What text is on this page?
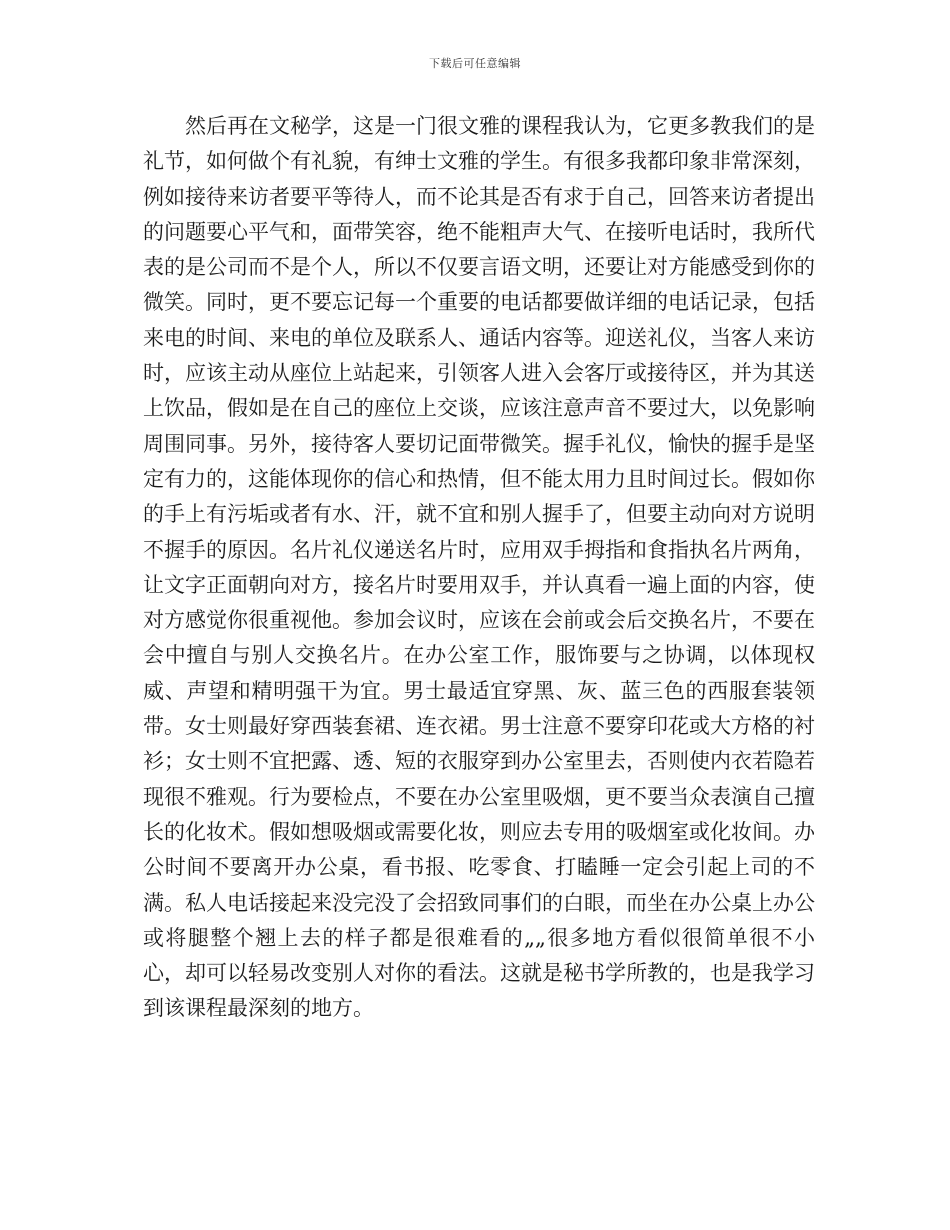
下载后可任意编辑

然后再在文秘学，这是一门很文雅的课程我认为，它更多教我们的是礼节，如何做个有礼貌，有绅士文雅的学生。有很多我都印象非常深刻，例如接待来访者要平等待人，而不论其是否有求于自己，回答来访者提出的问题要心平气和，面带笑容，绝不能粗声大气、在接听电话时，我所代表的是公司而不是个人，所以不仅要言语文明，还要让对方能感受到你的微笑。同时，更不要忘记每一个重要的电话都要做详细的电话记录，包括来电的时间、来电的单位及联系人、通话内容等。迎送礼仪，当客人来访时，应该主动从座位上站起来，引领客人进入会客厅或接待区，并为其送上饮品，假如是在自己的座位上交谈，应该注意声音不要过大，以免影响周围同事。另外，接待客人要切记面带微笑。握手礼仪，愉快的握手是坚定有力的，这能体现你的信心和热情，但不能太用力且时间过长。假如你的手上有污垢或者有水、汗，就不宜和别人握手了，但要主动向对方说明不握手的原因。名片礼仪递送名片时，应用双手拇指和食指执名片两角，让文字正面朝向对方，接名片时要用双手，并认真看一遍上面的内容，使对方感觉你很重视他。参加会议时，应该在会前或会后交换名片，不要在会中擅自与别人交换名片。在办公室工作，服饰要与之协调，以体现权威、声望和精明强干为宜。男士最适宜穿黑、灰、蓝三色的西服套装领带。女士则最好穿西装套裙、连衣裙。男士注意不要穿印花或大方格的衬衫；女士则不宜把露、透、短的衣服穿到办公室里去，否则使内衣若隐若现很不雅观。行为要检点，不要在办公室里吸烟，更不要当众表演自己擅长的化妆术。假如想吸烟或需要化妆，则应去专用的吸烟室或化妆间。办公时间不要离开办公桌，看书报、吃零食、打瞌睡一定会引起上司的不满。私人电话接起来没完没了会招致同事们的白眼，而坐在办公桌上办公或将腿整个翘上去的样子都是很难看的„„很多地方看似很简单很不小心，却可以轻易改变别人对你的看法。这就是秘书学所教的，也是我学习到该课程最深刻的地方。
